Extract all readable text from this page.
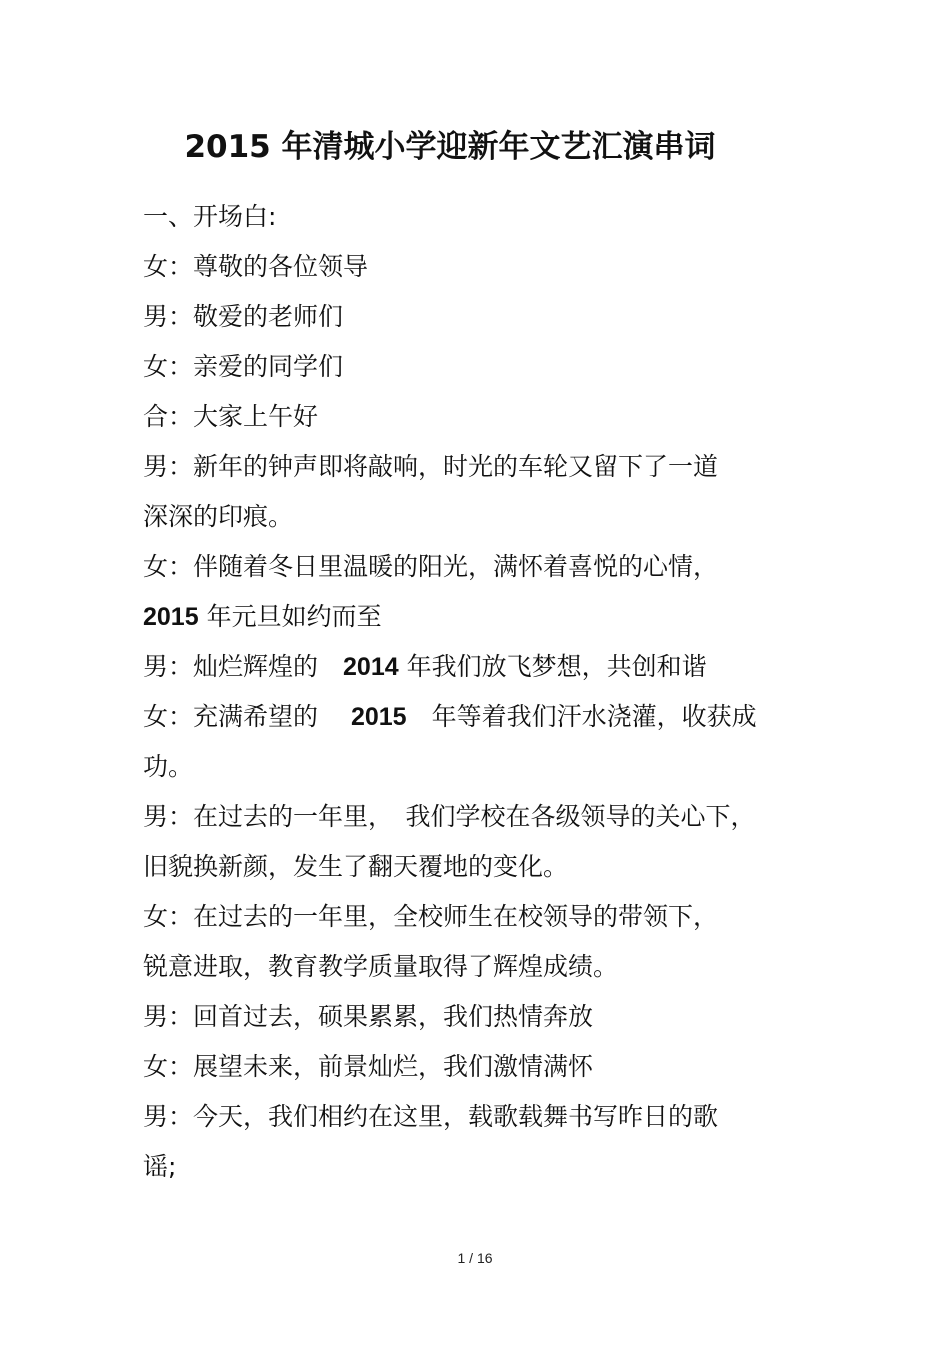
2015 年清城小学迎新年文艺汇演串词
一、开场白:
女：尊敬的各位领导
男：敬爱的老师们
女：亲爱的同学们
合：大家上午好
男：新年的钟声即将敲响，时光的车轮又留下了一道
深深的印痕。
女：伴随着冬日里温暖的阳光，满怀着喜悦的心情，
2015 年元旦如约而至
男：灿烂辉煌的　2014 年我们放飞梦想，共创和谐
女：充满希望的　 2015　年等着我们汗水浇灌，收获成
功。
男：在过去的一年里，　我们学校在各级领导的关心下，
旧貌换新颜，发生了翻天覆地的变化。
女：在过去的一年里，全校师生在校领导的带领下，
锐意进取，教育教学质量取得了辉煌成绩。
男：回首过去，硕果累累，我们热情奔放
女：展望未来，前景灿烂，我们激情满怀
男：今天，我们相约在这里，载歌载舞书写昨日的歌
谣;
1 / 16
